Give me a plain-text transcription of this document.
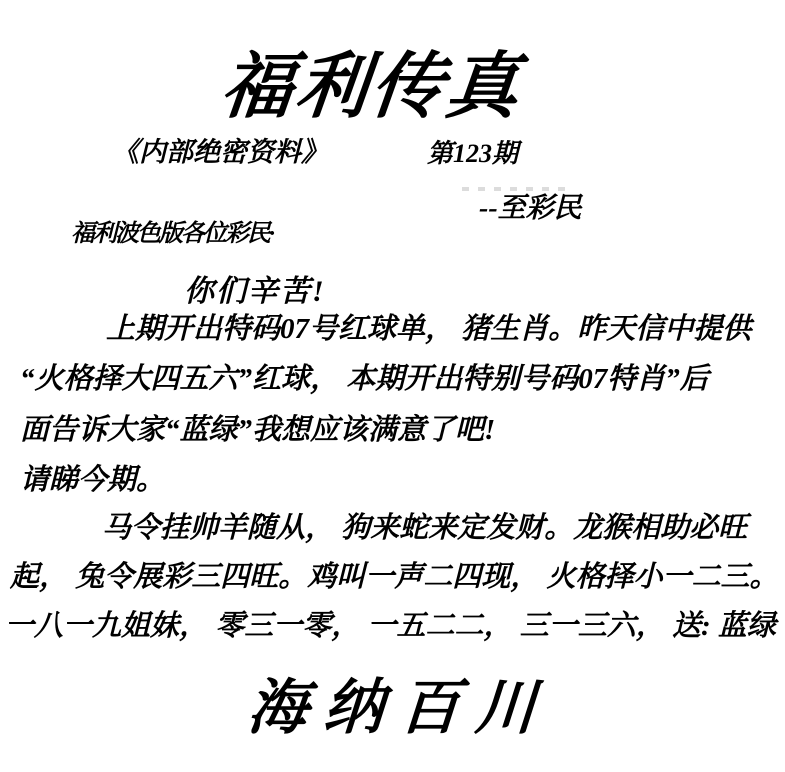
福利传真
《内部绝密资料》	第123期
--至彩民
福利波色版各位彩民·
你们辛苦!
上期开出特码07号红球单， 猪生肖。昨天信中提供
“火格择大四五六”红球， 本期开出特别号码07特肖”后
面告诉大家“蓝绿”我想应该满意了吧!
请睇今期。
马令挂帅羊随从， 狗来蛇来定发财。龙猴相助必旺
起， 兔令展彩三四旺。鸡叫一声二四现， 火格择小一二三。
一八一九姐妹， 零三一零， 一五二二， 三一三六， 送: 蓝绿
海纳百川
